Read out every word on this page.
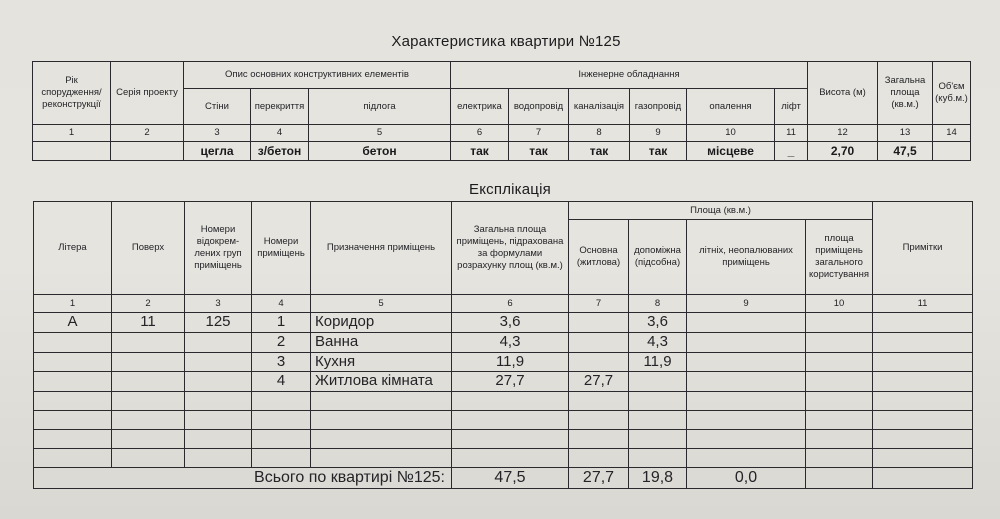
Характеристика квартири №125
Рік спорудження/ реконструкції	Серія проекту	Опис основних конструктивних елементів			Інженерне обладнання						Висота (м)	Загальна площа (кв.м.)	Об'єм (куб.м.)
		Стіни	перекриття	підлога	електрика	водопровід	каналізація	газопровід	опалення	ліфт			
1	2	3	4	5	6	7	8	9	10	11	12	13	14
		цегла	з/бетон	бетон	так	так	так	так	місцеве	_	2,70	47,5	
Експлікація
Літера	Поверх	Номери відокрем- лених груп приміщень	Номери приміщень	Призначення приміщень	Загальна площа приміщень, підрахована за формулами розрахунку площ (кв.м.)	Площа (кв.м.)				Примітки
						Основна (житлова)	допоміжна (підсобна)	літніх, неопалюваних приміщень	площа приміщень загального користування	
1	2	3	4	5	6	7	8	9	10	11
А	11	125	1	Коридор	3,6		3,6			
			2	Ванна	4,3		4,3			
			3	Кухня	11,9		11,9			
			4	Житлова кімната	27,7	27,7				

Всього по квартирі №125:					47,5	27,7	19,8	0,0		
